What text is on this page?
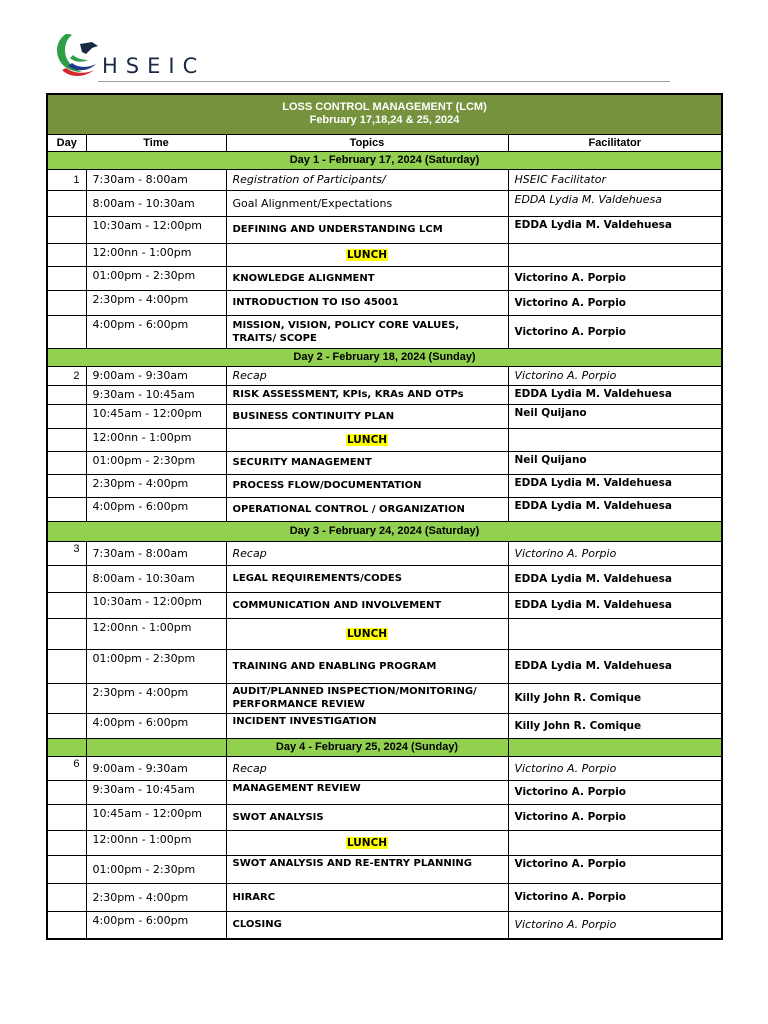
HSEIC
LOSS CONTROL MANAGEMENT (LCM)
February 17,18,24 & 25, 2024			

Day	Time	Topics	Facilitator
Day 1 - February 17, 2024 (Saturday)			
1	7:30am - 8:00am	Registration of Participants/	HSEIC Facilitator
	8:00am - 10:30am	Goal Alignment/Expectations	EDDA Lydia M. Valdehuesa
	10:30am - 12:00pm	DEFINING AND UNDERSTANDING LCM	EDDA Lydia M. Valdehuesa
	12:00nn - 1:00pm	LUNCH	
	01:00pm - 2:30pm	KNOWLEDGE ALIGNMENT	Victorino A. Porpio
	2:30pm - 4:00pm	INTRODUCTION TO ISO 45001	Victorino A. Porpio
	4:00pm - 6:00pm	MISSION, VISION, POLICY CORE VALUES, TRAITS/ SCOPE	Victorino A. Porpio
Day 2 - February 18, 2024 (Sunday)			
2	9:00am - 9:30am	Recap	Victorino A. Porpio
	9:30am - 10:45am	RISK ASSESSMENT, KPIs, KRAs AND OTPs	EDDA Lydia M. Valdehuesa
	10:45am - 12:00pm	BUSINESS CONTINUITY PLAN	Neil Quijano
	12:00nn - 1:00pm	LUNCH	
	01:00pm - 2:30pm	SECURITY MANAGEMENT	Neil Quijano
	2:30pm - 4:00pm	PROCESS FLOW/DOCUMENTATION	EDDA Lydia M. Valdehuesa
	4:00pm - 6:00pm	OPERATIONAL CONTROL / ORGANIZATION	EDDA Lydia M. Valdehuesa
Day 3 - February 24, 2024 (Saturday)			
3	7:30am - 8:00am	Recap	Victorino A. Porpio
	8:00am - 10:30am	LEGAL REQUIREMENTS/CODES	EDDA Lydia M. Valdehuesa
	10:30am - 12:00pm	COMMUNICATION AND INVOLVEMENT	EDDA Lydia M. Valdehuesa
	12:00nn - 1:00pm	LUNCH	
	01:00pm - 2:30pm	TRAINING AND ENABLING PROGRAM	EDDA Lydia M. Valdehuesa
	2:30pm - 4:00pm	AUDIT/PLANNED INSPECTION/MONITORING/ PERFORMANCE REVIEW	Killy John R. Comique
	4:00pm - 6:00pm	INCIDENT INVESTIGATION	Killy John R. Comique
		Day 4 - February 25, 2024 (Sunday)	
6	9:00am - 9:30am	Recap	Victorino A. Porpio
	9:30am - 10:45am	MANAGEMENT REVIEW	Victorino A. Porpio
	10:45am - 12:00pm	SWOT ANALYSIS	Victorino A. Porpio
	12:00nn - 1:00pm	LUNCH	
	01:00pm - 2:30pm	SWOT ANALYSIS AND RE-ENTRY PLANNING	Victorino A. Porpio
	2:30pm - 4:00pm	HIRARC	Victorino A. Porpio
	4:00pm - 6:00pm	CLOSING	Victorino A. Porpio
